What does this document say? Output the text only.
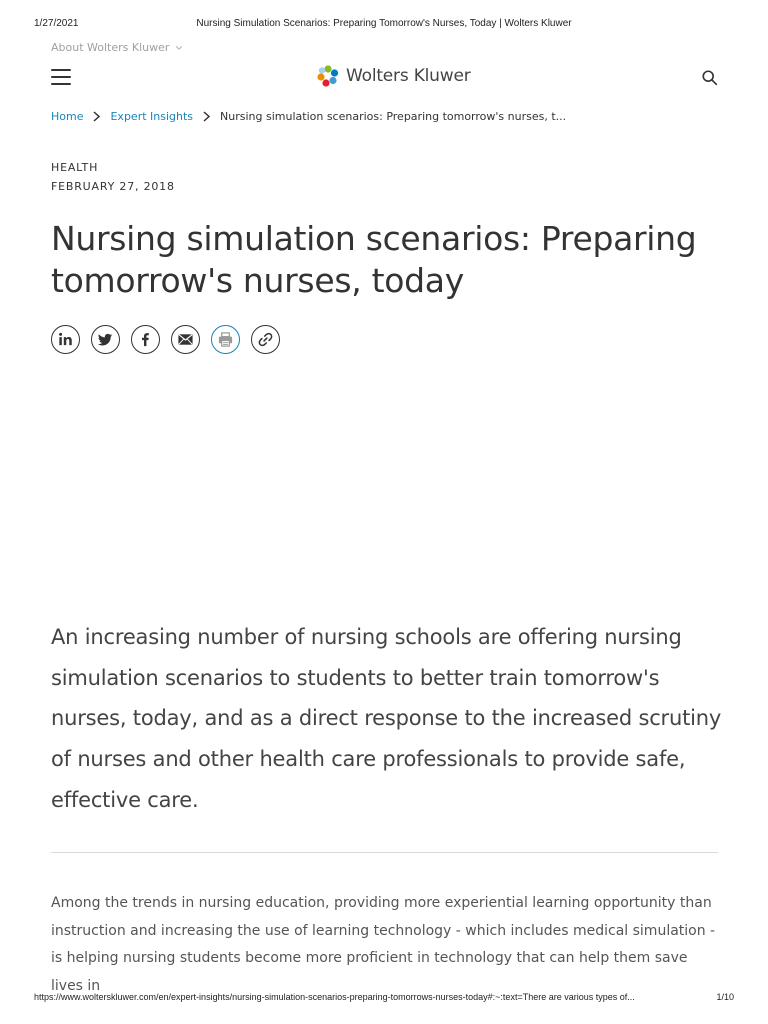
1/27/2021	Nursing Simulation Scenarios: Preparing Tomorrow's Nurses, Today | Wolters Kluwer
About Wolters Kluwer
Wolters Kluwer
Home Expert Insights Nursing simulation scenarios: Preparing tomorrow's nurses, t...
HEALTH
FEBRUARY 27, 2018
Nursing simulation scenarios: Preparing tomorrow's nurses, today

An increasing number of nursing schools are offering nursing simulation scenarios to students to better train tomorrow's nurses, today, and as a direct response to the increased scrutiny of nurses and other health care professionals to provide safe, effective care.

Among the trends in nursing education, providing more experiential learning opportunity than instruction and increasing the use of learning technology - which includes medical simulation - is helping nursing students become more proficient in technology that can help them save lives in

https://www.wolterskluwer.com/en/expert-insights/nursing-simulation-scenarios-preparing-tomorrows-nurses-today#:~:text=There are various types of...	1/10
